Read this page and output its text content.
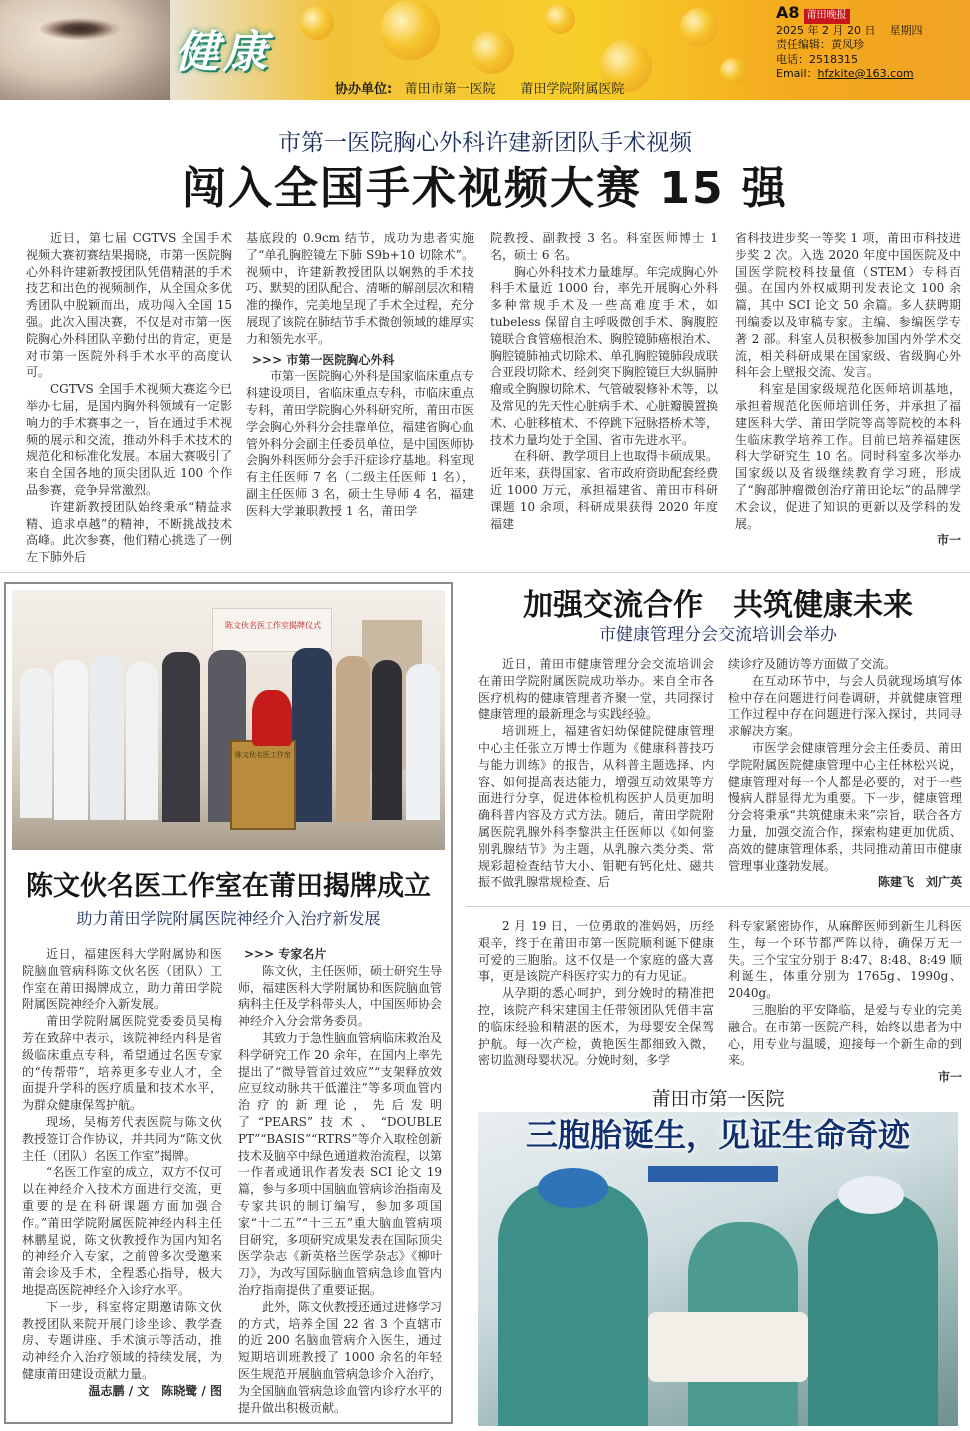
健康
协办单位: 莆田市第一医院 莆田学院附属医院
A8 莆田晚报
2025 年 2 月 20 日 星期四
责任编辑：黄凤珍
电话：2518315
Email：hfzkite@163.com
市第一医院胸心外科许建新团队手术视频
闯入全国手术视频大赛 15 强

近日，第七届 CGTVS 全国手术视频大赛初赛结果揭晓，市第一医院胸心外科许建新教授团队凭借精湛的手术技艺和出色的视频制作，从全国众多优秀团队中脱颖而出，成功闯入全国 15 强。此次入围决赛，不仅是对市第一医院胸心外科团队辛勤付出的肯定，更是对市第一医院外科手术水平的高度认可。

CGTVS 全国手术视频大赛迄今已举办七届，是国内胸外科领域有一定影响力的手术赛事之一，旨在通过手术视频的展示和交流，推动外科手术技术的规范化和标准化发展。本届大赛吸引了来自全国各地的顶尖团队近 100 个作品参赛，竞争异常激烈。

许建新教授团队始终秉承“精益求精、追求卓越”的精神，不断挑战技术高峰。此次参赛，他们精心挑选了一例左下肺外后

基底段的 0.9cm 结节，成功为患者实施了“单孔胸腔镜左下肺 S9b+10 切除术”。视频中，许建新教授团队以娴熟的手术技巧、默契的团队配合、清晰的解剖层次和精准的操作，完美地呈现了手术全过程，充分展现了该院在肺结节手术微创领域的雄厚实力和领先水平。

>>> 市第一医院胸心外科

市第一医院胸心外科是国家临床重点专科建设项目，省临床重点专科，市临床重点专科，莆田学院胸心外科研究所，莆田市医学会胸心外科分会挂靠单位，福建省胸心血管外科分会副主任委员单位，是中国医师协会胸外科医师分会手汗症诊疗基地。科室现有主任医师 7 名（二级主任医师 1 名），副主任医师 3 名，硕士生导师 4 名，福建医科大学兼职教授 1 名，莆田学

院教授、副教授 3 名。科室医师博士 1 名，硕士 6 名。

胸心外科技术力量雄厚。年完成胸心外科手术量近 1000 台，率先开展胸心外科多种常规手术及一些高难度手术，如 tubeless 保留自主呼吸微创手术、胸腹腔镜联合食管癌根治术、胸腔镜肺癌根治术、胸腔镜肺袖式切除术、单孔胸腔镜肺段成联合亚段切除术、经剑突下胸腔镜巨大纵膈肿瘤或全胸腺切除术、气管破裂修补术等，以及常见的先天性心脏病手术、心脏瓣膜置换术、心脏移植术、不停跳下冠脉搭桥术等，技术力量均处于全国、省市先进水平。

在科研、教学项目上也取得卡硕成果。近年来，获得国家、省市政府资助配套经费近 1000 万元，承担福建省、莆田市科研课题 10 余项，科研成果获得 2020 年度福建

省科技进步奖一等奖 1 项，莆田市科技进步奖 2 次。入选 2020 年度中国医院及中国医学院校科技量值（STEM）专科百强。在国内外权威期刊发表论文 100 余篇，其中 SCI 论文 50 余篇。多人获聘期刊编委以及审稿专家。主编、参编医学专著 2 部。科室人员积极参加国内外学术交流，相关科研成果在国家级、省级胸心外科年会上壁报交流、发言。

科室是国家级规范化医师培训基地，承担着规范化医师培训任务，并承担了福建医科大学、莆田学院等高等院校的本科生临床教学培养工作。目前已培养福建医科大学研究生 10 名。同时科室多次举办国家级以及省级继续教育学习班，形成了“胸部肿瘤微创治疗莆田论坛”的品牌学术会议，促进了知识的更新以及学科的发展。

市一

陈文伙名医工作室揭牌仪式
陈文伙名医工作室
陈文伙名医工作室在莆田揭牌成立
助力莆田学院附属医院神经介入治疗新发展

近日，福建医科大学附属协和医院脑血管病科陈文伙名医（团队）工作室在莆田揭牌成立，助力莆田学院附属医院神经介入新发展。

莆田学院附属医院党委委员吴梅芳在致辞中表示，该院神经内科是省级临床重点专科，希望通过名医专家的“传帮带”，培养更多专业人才，全面提升学科的医疗质量和技术水平，为群众健康保驾护航。

现场，吴梅芳代表医院与陈文伙教授签订合作协议，并共同为“陈文伙主任（团队）名医工作室”揭牌。

“名医工作室的成立，双方不仅可以在神经介入技术方面进行交流，更重要的是在科研课题方面加强合作。”莆田学院附属医院神经内科主任林鹏星说，陈文伙教授作为国内知名的神经介入专家，之前曾多次受邀来莆会诊及手术，全程悉心指导，极大地提高医院神经介入诊疗水平。

下一步，科室将定期邀请陈文伙教授团队来院开展门诊坐诊、教学查房、专题讲座、手术演示等活动，推动神经介入治疗领域的持续发展，为健康莆田建设贡献力量。

温志鹏 / 文　陈晓鹭 / 图

>>> 专家名片

陈文伙，主任医师，硕士研究生导师，福建医科大学附属协和医院脑血管病科主任及学科带头人，中国医师协会神经介入分会常务委员。

其致力于急性脑血管病临床救治及科学研究工作 20 余年，在国内上率先提出了“微导管首过效应”“支架释放效应豆纹动脉共干低灌注”等多项血管内治疗的新理论，先后发明了“PEARS”技术、“DOUBLE PT”“BASIS”“RTRS”等介入取栓创新技术及脑卒中绿色通道救治流程，以第一作者或通讯作者发表 SCI 论文 19 篇，参与多项中国脑血管病诊治指南及专家共识的制订编写，参加多项国家“十二五”“十三五”重大脑血管病项目研究，多项研究成果发表在国际顶尖医学杂志《新英格兰医学杂志》《柳叶刀》，为改写国际脑血管病急诊血管内治疗指南提供了重要证据。

此外，陈文伙教授还通过进修学习的方式，培养全国 22 省 3 个直辖市的近 200 名脑血管病介入医生，通过短期培训班教授了 1000 余名的年轻医生规范开展脑血管病急诊介入治疗，为全国脑血管病急诊血管内诊疗水平的提升做出积极贡献。

加强交流合作　共筑健康未来
市健康管理分会交流培训会举办

近日，莆田市健康管理分会交流培训会在莆田学院附属医院成功举办。来自全市各医疗机构的健康管理者齐聚一堂，共同探讨健康管理的最新理念与实践经验。

培训班上，福建省妇幼保健院健康管理中心主任张立万博士作题为《健康科普技巧与能力训练》的报告，从科普主题选择、内容、如何提高表达能力，增强互动效果等方面进行分享，促进体检机构医护人员更加明确科普内容及方式方法。随后，莆田学院附属医院乳腺外科李黎洪主任医师以《如何鉴别乳腺结节》为主题，从乳腺六类分类、常规彩超检查结节大小、钼靶有钙化灶、磁共振不做乳腺常规检查、后

续诊疗及随访等方面做了交流。

在互动环节中，与会人员就现场填写体检中存在问题进行问卷调研，并就健康管理工作过程中存在问题进行深入探讨，共同寻求解决方案。

市医学会健康管理分会主任委员、莆田学院附属医院健康管理中心主任林松兴说，健康管理对每一个人都是必要的，对于一些慢病人群显得尤为重要。下一步，健康管理分会将秉承“共筑健康未来”宗旨，联合各方力量，加强交流合作，探索构建更加优质、高效的健康管理体系，共同推动莆田市健康管理事业蓬勃发展。

陈建飞　刘广英

2 月 19 日，一位勇敢的准妈妈，历经艰辛，终于在莆田市第一医院顺利诞下健康可爱的三胞胎。这不仅是一个家庭的盛大喜事，更是该院产科医疗实力的有力见证。

从孕期的悉心呵护，到分娩时的精准把控，该院产科宋建国主任带领团队凭借丰富的临床经验和精湛的医术，为母婴安全保驾护航。每一次产检，黄艳医生都细致入微，密切监测母婴状况。分娩时刻，多学

科专家紧密协作，从麻醉医师到新生儿科医生，每一个环节都严阵以待，确保万无一失。三个宝宝分别于 8:47、8:48、8:49 顺利诞生，体重分别为 1765g、1990g、2040g。

三胞胎的平安降临，是爱与专业的完美融合。在市第一医院产科，始终以患者为中心，用专业与温暖，迎接每一个新生命的到来。

市一

莆田市第一医院
三胞胎诞生，见证生命奇迹
